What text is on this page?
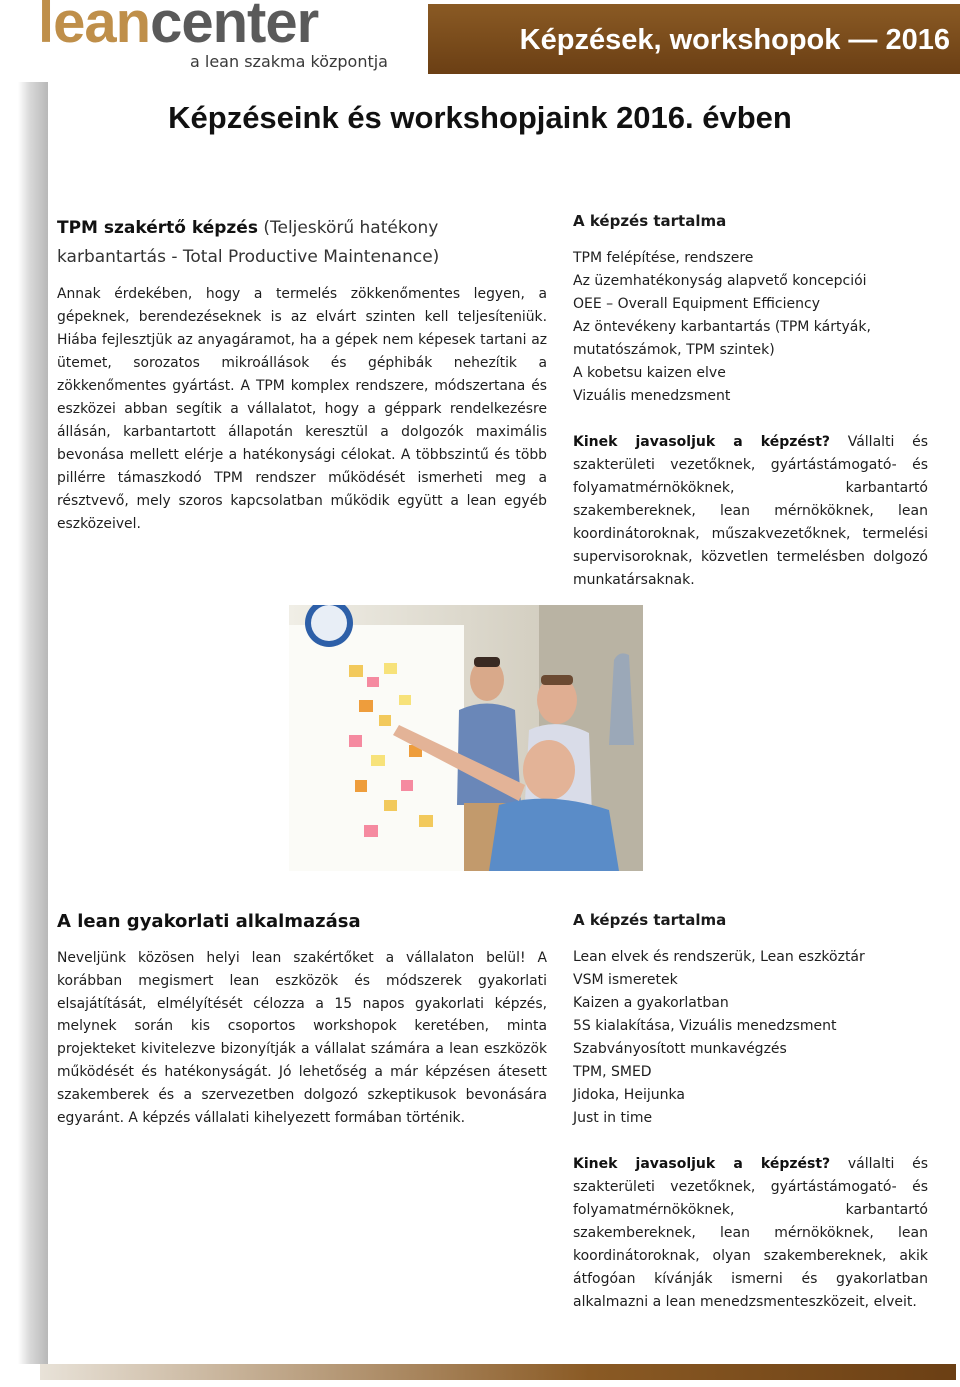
leancenter
a lean szakma központja
Képzések, workshopok — 2016
Képzéseink és workshopjaink 2016. évben
TPM szakértő képzés (Teljeskörű hatékony karbantartás - Total Productive Maintenance)
Annak érdekében, hogy a termelés zökkenőmentes legyen, a gépeknek, berendezéseknek is az elvárt szinten kell teljesíteniük. Hiába fejlesztjük az anyagáramot, ha a gépek nem képesek tartani az ütemet, sorozatos mikroállások és géphibák nehezítik a zökkenőmentes gyártást. A TPM komplex rendszere, módszertana és eszközei abban segítik a vállalatot, hogy a géppark rendelkezésre állásán, karbantartott állapotán keresztül a dolgozók maximális bevonása mellett elérje a hatékonysági célokat. A többszintű és több pillérre támaszkodó TPM rendszer működését ismerheti meg a résztvevő, mely szoros kapcsolatban működik együtt a lean egyéb eszközeivel.
A képzés tartalma
TPM felépítése, rendszere
Az üzemhatékonyság alapvető koncepciói
OEE – Overall Equipment Efficiency
Az öntevékeny karbantartás (TPM kártyák, mutatószámok, TPM szintek)
A kobetsu kaizen elve
Vizuális menedzsment
Kinek javasoljuk a képzést? Vállalti és szakterületi vezetőknek, gyártástámogató- és folyamatmérnököknek, karbantartó szakembereknek, lean mérnököknek, lean koordinátoroknak, műszakvezetőknek, termelési supervisoroknak, közvetlen termelésben dolgozó munkatársaknak.
A lean gyakorlati alkalmazása
Neveljünk közösen helyi lean szakértőket a vállalaton belül! A korábban megismert lean eszközök és módszerek gyakorlati elsajátítását, elmélyítését célozza a 15 napos gyakorlati képzés, melynek során kis csoportos workshopok keretében, minta projekteket kivitelezve bizonyítják a vállalat számára a lean eszközök működését és hatékonyságát. Jó lehetőség a már képzésen átesett szakemberek és a szervezetben dolgozó szkeptikusok bevonására egyaránt. A képzés vállalati kihelyezett formában történik.
A képzés tartalma
Lean elvek és rendszerük, Lean eszköztár
VSM ismeretek
Kaizen a gyakorlatban
5S kialakítása, Vizuális menedzsment
Szabványosított munkavégzés
TPM, SMED
Jidoka, Heijunka
Just in time
Kinek javasoljuk a képzést? vállalti és szakterületi vezetőknek, gyártástámogató- és folyamatmérnököknek, karbantartó szakembereknek, lean mérnököknek, lean koordinátoroknak, olyan szakembereknek, akik átfogóan kívánják ismerni és gyakorlatban alkalmazni a lean menedzsmenteszközeit, elveit.
